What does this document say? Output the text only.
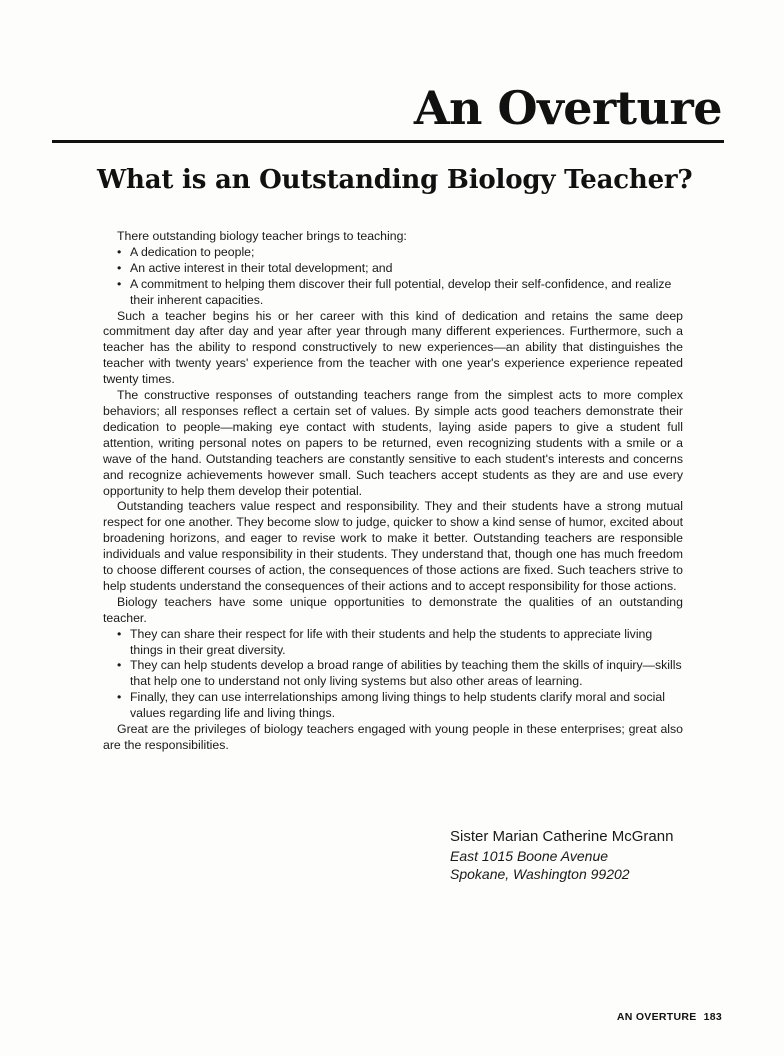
An Overture
What is an Outstanding Biology Teacher?

There outstanding biology teacher brings to teaching:

• A dedication to people;
• An active interest in their total development; and
• A commitment to helping them discover their full potential, develop their self-confidence, and realize their inherent capacities.

Such a teacher begins his or her career with this kind of dedication and retains the same deep commitment day after day and year after year through many different experiences. Furthermore, such a teacher has the ability to respond constructively to new experiences—an ability that distinguishes the teacher with twenty years' experience from the teacher with one year's experience experience repeated twenty times.

The constructive responses of outstanding teachers range from the simplest acts to more complex behaviors; all responses reflect a certain set of values. By simple acts good teachers demonstrate their dedication to people—making eye contact with students, laying aside papers to give a student full attention, writing personal notes on papers to be returned, even recognizing students with a smile or a wave of the hand. Outstanding teachers are constantly sensitive to each student's interests and concerns and recognize achievements however small. Such teachers accept students as they are and use every opportunity to help them develop their potential.

Outstanding teachers value respect and responsibility. They and their students have a strong mutual respect for one another. They become slow to judge, quicker to show a kind sense of humor, excited about broadening horizons, and eager to revise work to make it better. Outstanding teachers are responsible individuals and value responsibility in their students. They understand that, though one has much freedom to choose different courses of action, the consequences of those actions are fixed. Such teachers strive to help students understand the consequences of their actions and to accept responsibility for those actions.

Biology teachers have some unique opportunities to demonstrate the qualities of an outstanding teacher.

• They can share their respect for life with their students and help the students to appreciate living things in their great diversity.
• They can help students develop a broad range of abilities by teaching them the skills of inquiry—skills that help one to understand not only living systems but also other areas of learning.
• Finally, they can use interrelationships among living things to help students clarify moral and social values regarding life and living things.

Great are the privileges of biology teachers engaged with young people in these enterprises; great also are the responsibilities.

Sister Marian Catherine McGrann
East 1015 Boone Avenue
Spokane, Washington 99202
AN OVERTURE 183
